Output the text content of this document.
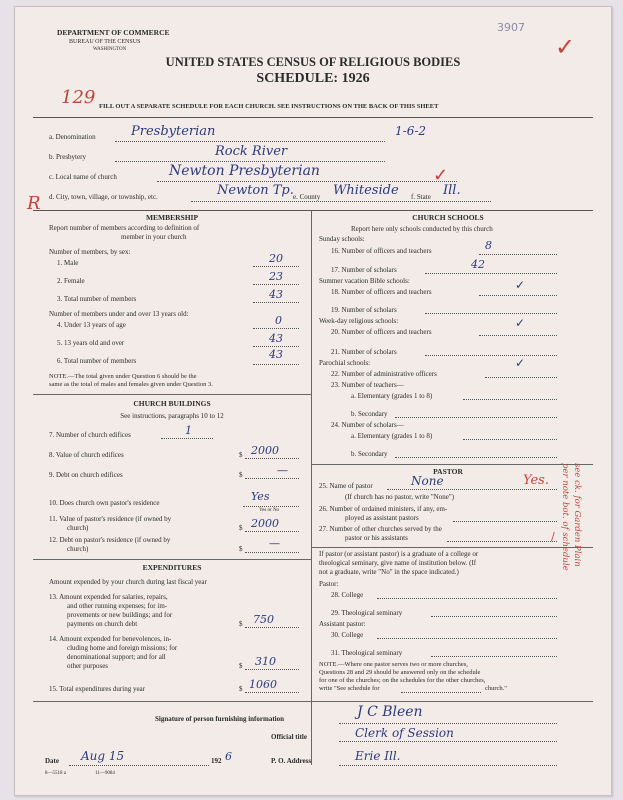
DEPARTMENT OF COMMERCE
BUREAU OF THE CENSUS
WASHINGTON
3907
UNITED STATES CENSUS OF RELIGIOUS BODIES
SCHEDULE: 1926
129
✓
FILL OUT A SEPARATE SCHEDULE FOR EACH CHURCH. SEE INSTRUCTIONS ON THE BACK OF THIS SHEET
a. Denomination	Presbyterian	1-6-2
b. Presbytery	Rock River
c. Local name of church	Newton Presbyterian
d. City, town, village, or township, etc.	Newton Tp. e. County Whiteside f. State Ill.
R
✓
MEMBERSHIP
Report number of members according to definition of
member in your church
Number of members, by sex:
1. Male	20
2. Female	23
3. Total number of members	43
Number of members under and over 13 years old:
4. Under 13 years of age	0
5. 13 years old and over	43
6. Total number of members	43
NOTE.—The total given under Question 6 should be the
same as the total of males and females given under Question 3.
CHURCH BUILDINGS
See instructions, paragraphs 10 to 12
7. Number of church edifices	1
8. Value of church edifices	$ 2000
9. Debt on church edifices	$	—
10. Does church own pastor's residence	Yes
Yes or No
11. Value of pastor's residence (if owned by
church)	$ 2000
12. Debt on pastor's residence (if owned by
church)	$ —
EXPENDITURES
Amount expended by your church during last fiscal year
13. Amount expended for salaries, repairs,
and other running expenses; for im-
provements or new buildings; and for
payments on church debt	$ 750
14. Amount expended for benevolences, in-
cluding home and foreign missions; for
denominational support; and for all
other purposes	$ 310
15. Total expenditures during year	$ 1060
CHURCH SCHOOLS
Report here only schools conducted by this church
Sunday schools:
16. Number of officers and teachers	8
17. Number of scholars	42
Summer vacation Bible schools:
18. Number of officers and teachers
19. Number of scholars
Week-day religious schools:
20. Number of officers and teachers
21. Number of scholars
Parochial schools:
22. Number of administrative officers
23. Number of teachers—
a. Elementary (grades 1 to 8)
b. Secondary
24. Number of scholars—
a. Elementary (grades 1 to 8)
b. Secondary
✓
✓
✓
PASTOR
25. Name of pastor	None	Yes.
(If church has no pastor, write "None")
26. Number of ordained ministers, if any, em-
ployed as assistant pastors
27. Number of other churches served by the
pastor or his assistants	/
If pastor (or assistant pastor) is a graduate of a college or
theological seminary, give name of institution below. (If
not a graduate, write "No" in the space indicated.)
Pastor:
28. College
29. Theological seminary
Assistant pastor:
30. College
31. Theological seminary
NOTE.—Where one pastor serves two or more churches,
Questions 28 and 29 should be answered only on the schedule
for one of the churches; on the schedules for the other churches,
write "See schedule for	church."
see ck. for Garden Plain
per note bot. of schedule
Signature of person furnishing information	J C Bleen
Official title	Clerk of Session
Date Aug 15	192 6	P. O. Address	Erie Ill.
8—5518 a	11—9084
